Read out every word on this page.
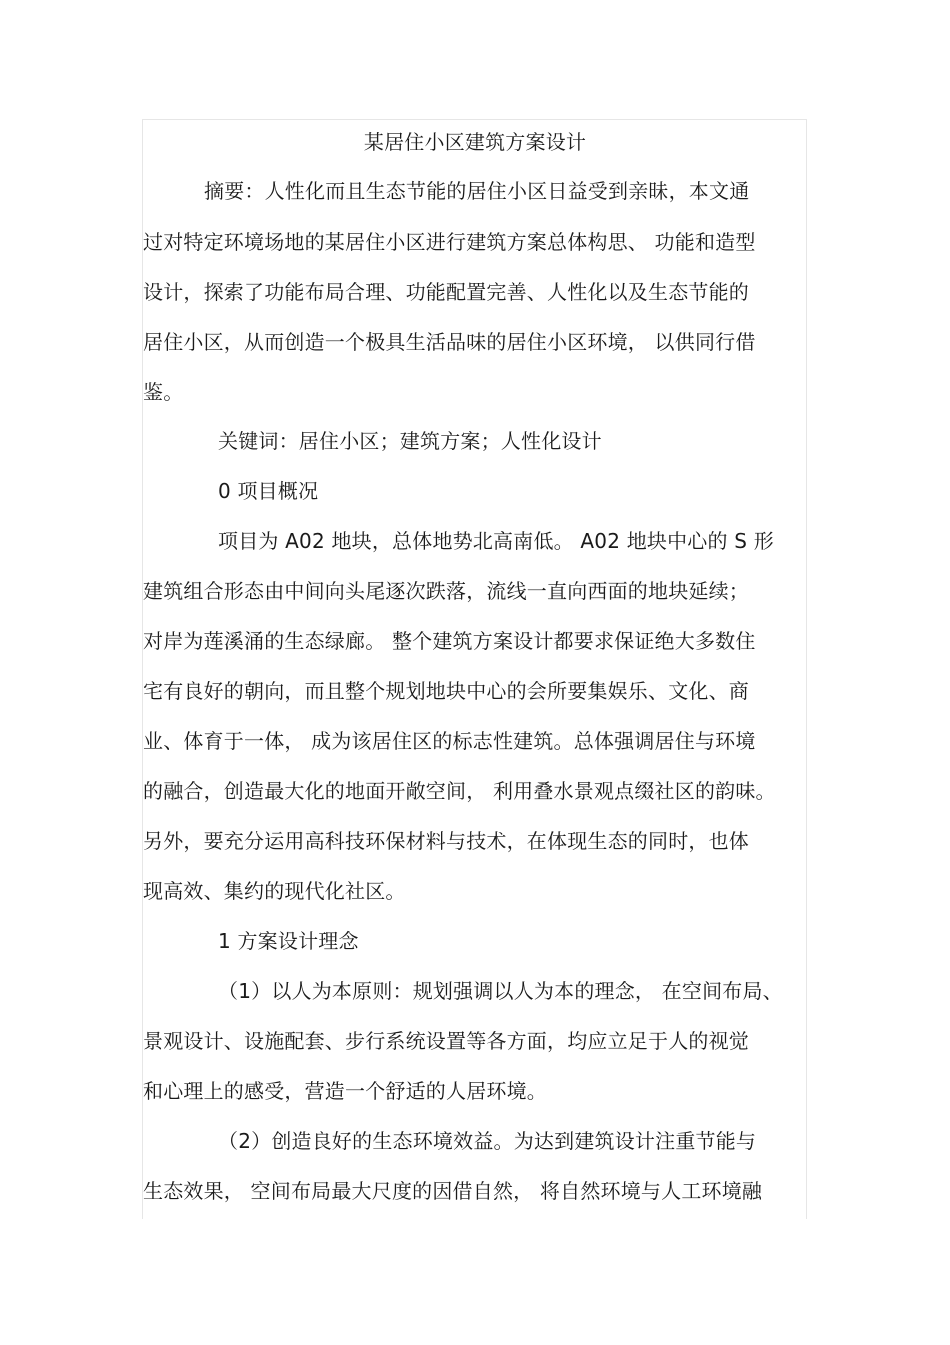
某居住小区建筑方案设计
摘要：人性化而且生态节能的居住小区日益受到亲昧，本文通
过对特定环境场地的某居住小区进行建筑方案总体构思、 功能和造型
设计，探索了功能布局合理、功能配置完善、人性化以及生态节能的
居住小区，从而创造一个极具生活品味的居住小区环境， 以供同行借
鉴。
关键词：居住小区；建筑方案；人性化设计
0 项目概况
项目为 A02 地块，总体地势北高南低。 A02 地块中心的 S 形
建筑组合形态由中间向头尾逐次跌落，流线一直向西面的地块延续；
对岸为莲溪涌的生态绿廊。 整个建筑方案设计都要求保证绝大多数住
宅有良好的朝向，而且整个规划地块中心的会所要集娱乐、文化、商
业、体育于一体， 成为该居住区的标志性建筑。总体强调居住与环境
的融合，创造最大化的地面开敞空间， 利用叠水景观点缀社区的韵味。
另外，要充分运用高科技环保材料与技术，在体现生态的同时，也体
现高效、集约的现代化社区。
1 方案设计理念
（1）以人为本原则：规划强调以人为本的理念， 在空间布局、
景观设计、设施配套、步行系统设置等各方面，均应立足于人的视觉
和心理上的感受，营造一个舒适的人居环境。
（2）创造良好的生态环境效益。为达到建筑设计注重节能与
生态效果， 空间布局最大尺度的因借自然， 将自然环境与人工环境融
